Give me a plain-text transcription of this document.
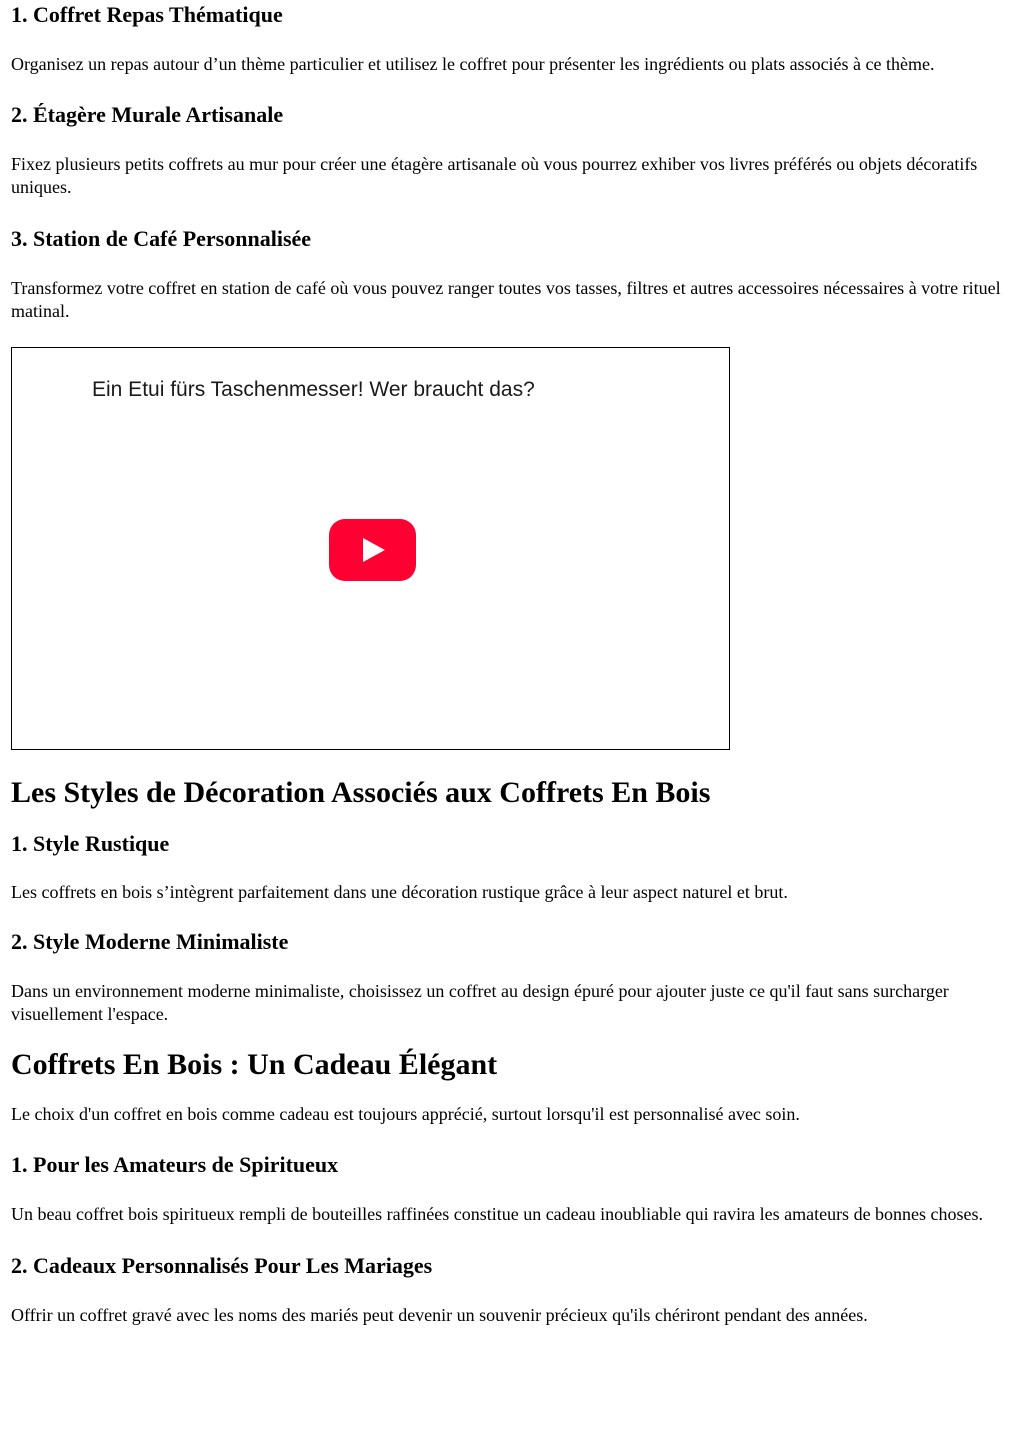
1. Coffret Repas Thématique

Organisez un repas autour d’un thème particulier et utilisez le coffret pour présenter les ingrédients ou plats associés à ce thème.

2. Étagère Murale Artisanale

Fixez plusieurs petits coffrets au mur pour créer une étagère artisanale où vous pourrez exhiber vos livres préférés ou objets décoratifs uniques.

3. Station de Café Personnalisée

Transformez votre coffret en station de café où vous pouvez ranger toutes vos tasses, filtres et autres accessoires nécessaires à votre rituel matinal.

Ein Etui fürs Taschenmesser! Wer braucht das?
Les Styles de Décoration Associés aux Coffrets En Bois
1. Style Rustique

Les coffrets en bois s’intègrent parfaitement dans une décoration rustique grâce à leur aspect naturel et brut.

2. Style Moderne Minimaliste

Dans un environnement moderne minimaliste, choisissez un coffret au design épuré pour ajouter juste ce qu'il faut sans surcharger visuellement l'espace.

Coffrets En Bois : Un Cadeau Élégant

Le choix d'un coffret en bois comme cadeau est toujours apprécié, surtout lorsqu'il est personnalisé avec soin.

1. Pour les Amateurs de Spiritueux

Un beau coffret bois spiritueux rempli de bouteilles raffinées constitue un cadeau inoubliable qui ravira les amateurs de bonnes choses.

2. Cadeaux Personnalisés Pour Les Mariages

Offrir un coffret gravé avec les noms des mariés peut devenir un souvenir précieux qu'ils chériront pendant des années.
